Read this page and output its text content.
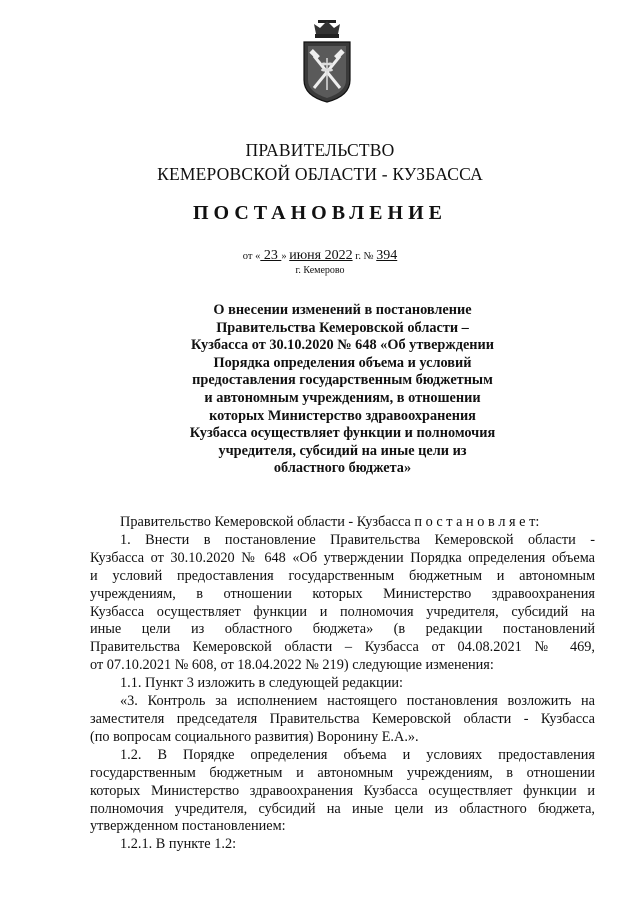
ПРАВИТЕЛЬСТВО
КЕМЕРОВСКОЙ ОБЛАСТИ - КУЗБАССА
ПОСТАНОВЛЕНИЕ
от « 23 » июня 2022 г. № 394
г. Кемерово
О внесении изменений в постановление
Правительства Кемеровской области –
Кузбасса от 30.10.2020 № 648 «Об утверждении
Порядка определения объема и условий
предоставления государственным бюджетным
и автономным учреждениям, в отношении
которых Министерство здравоохранения
Кузбасса осуществляет функции и полномочия
учредителя, субсидий на иные цели из
областного бюджета»
Правительство Кемеровской области - Кузбасса п о с т а н о в л я е т:
1. Внести в постановление Правительства Кемеровской области -
Кузбасса от 30.10.2020 № 648 «Об утверждении Порядка определения объема
и условий предоставления государственным бюджетным и автономным
учреждениям, в отношении которых Министерство здравоохранения
Кузбасса осуществляет функции и полномочия учредителя, субсидий на
иные цели из областного бюджета» (в редакции постановлений
Правительства Кемеровской области – Кузбасса от 04.08.2021 № 469,
от 07.10.2021 № 608, от 18.04.2022 № 219) следующие изменения:
1.1. Пункт 3 изложить в следующей редакции:
«3. Контроль за исполнением настоящего постановления возложить на
заместителя председателя Правительства Кемеровской области - Кузбасса
(по вопросам социального развития) Воронину Е.А.».
1.2. В Порядке определения объема и условиях предоставления
государственным бюджетным и автономным учреждениям, в отношении
которых Министерство здравоохранения Кузбасса осуществляет функции и
полномочия учредителя, субсидий на иные цели из областного бюджета,
утвержденном постановлением:
1.2.1. В пункте 1.2:
